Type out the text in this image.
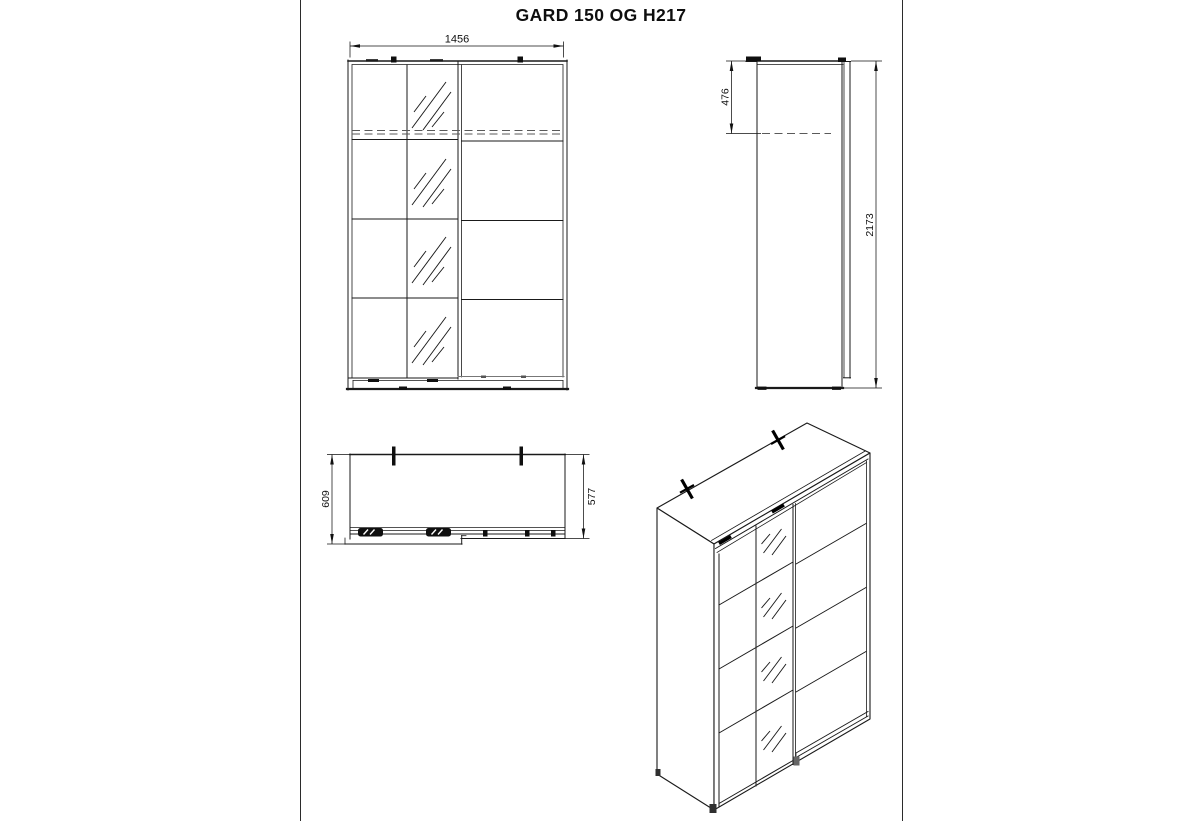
GARD 150 OG H217
1456
476
2173
609	577
